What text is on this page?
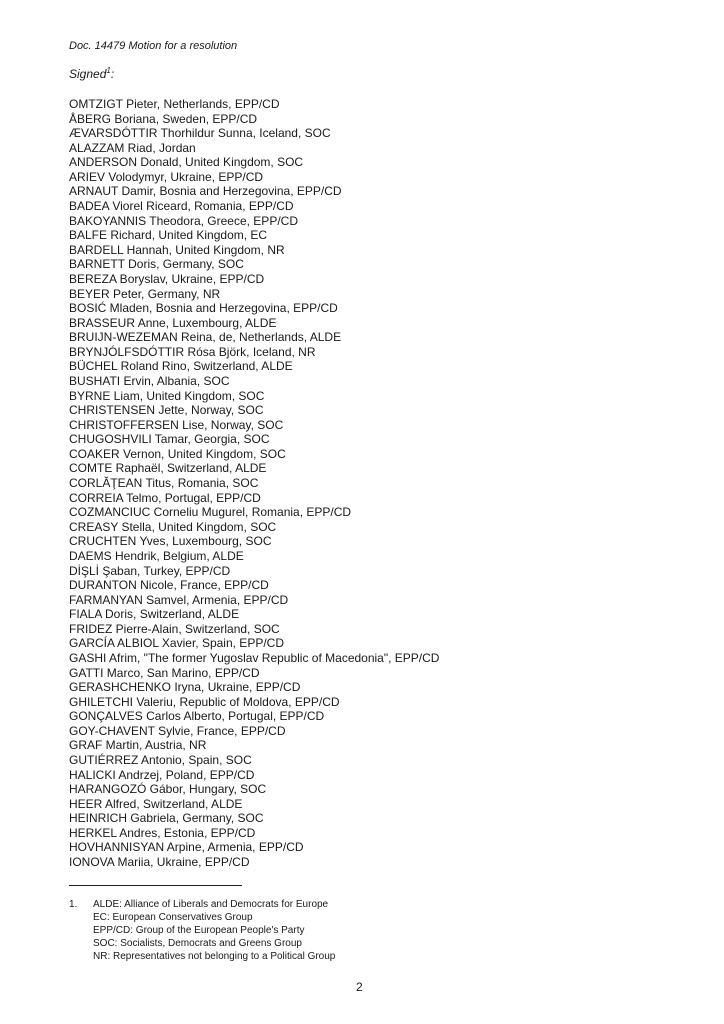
Doc. 14479 Motion for a resolution
Signed$^1$:
OMTZIGT Pieter, Netherlands, EPP/CD
ÅBERG Boriana, Sweden, EPP/CD
ÆVARSDÓTTIR Thorhildur Sunna, Iceland, SOC
ALAZZAM Riad, Jordan
ANDERSON Donald, United Kingdom, SOC
ARIEV Volodymyr, Ukraine, EPP/CD
ARNAUT Damir, Bosnia and Herzegovina, EPP/CD
BADEA Viorel Riceard, Romania, EPP/CD
BAKOYANNIS Theodora, Greece, EPP/CD
BALFE Richard, United Kingdom, EC
BARDELL Hannah, United Kingdom, NR
BARNETT Doris, Germany, SOC
BEREZA Boryslav, Ukraine, EPP/CD
BEYER Peter, Germany, NR
BOSIĆ Mladen, Bosnia and Herzegovina, EPP/CD
BRASSEUR Anne, Luxembourg, ALDE
BRUIJN-WEZEMAN Reina, de, Netherlands, ALDE
BRYNJÓLFSDÓTTIR Rósa Björk, Iceland, NR
BÜCHEL Roland Rino, Switzerland, ALDE
BUSHATI Ervin, Albania, SOC
BYRNE Liam, United Kingdom, SOC
CHRISTENSEN Jette, Norway, SOC
CHRISTOFFERSEN Lise, Norway, SOC
CHUGOSHVILI Tamar, Georgia, SOC
COAKER Vernon, United Kingdom, SOC
COMTE Raphaël, Switzerland, ALDE
CORLĂŢEAN Titus, Romania, SOC
CORREIA Telmo, Portugal, EPP/CD
COZMANCIUC Corneliu Mugurel, Romania, EPP/CD
CREASY Stella, United Kingdom, SOC
CRUCHTEN Yves, Luxembourg, SOC
DAEMS Hendrik, Belgium, ALDE
DİŞLİ Şaban, Turkey, EPP/CD
DURANTON Nicole, France, EPP/CD
FARMANYAN Samvel, Armenia, EPP/CD
FIALA Doris, Switzerland, ALDE
FRIDEZ Pierre-Alain, Switzerland, SOC
GARCÍA ALBIOL Xavier, Spain, EPP/CD
GASHI Afrim, "The former Yugoslav Republic of Macedonia", EPP/CD
GATTI Marco, San Marino, EPP/CD
GERASHCHENKO Iryna, Ukraine, EPP/CD
GHILETCHI Valeriu, Republic of Moldova, EPP/CD
GONÇALVES Carlos Alberto, Portugal, EPP/CD
GOY-CHAVENT Sylvie, France, EPP/CD
GRAF Martin, Austria, NR
GUTIÉRREZ Antonio, Spain, SOC
HALICKI Andrzej, Poland, EPP/CD
HARANGOZÓ Gábor, Hungary, SOC
HEER Alfred, Switzerland, ALDE
HEINRICH Gabriela, Germany, SOC
HERKEL Andres, Estonia, EPP/CD
HOVHANNISYAN Arpine, Armenia, EPP/CD
IONOVA Mariia, Ukraine, EPP/CD
1.	ALDE: Alliance of Liberals and Democrats for Europe
EC: European Conservatives Group
EPP/CD: Group of the European People's Party
SOC: Socialists, Democrats and Greens Group
NR: Representatives not belonging to a Political Group
2
